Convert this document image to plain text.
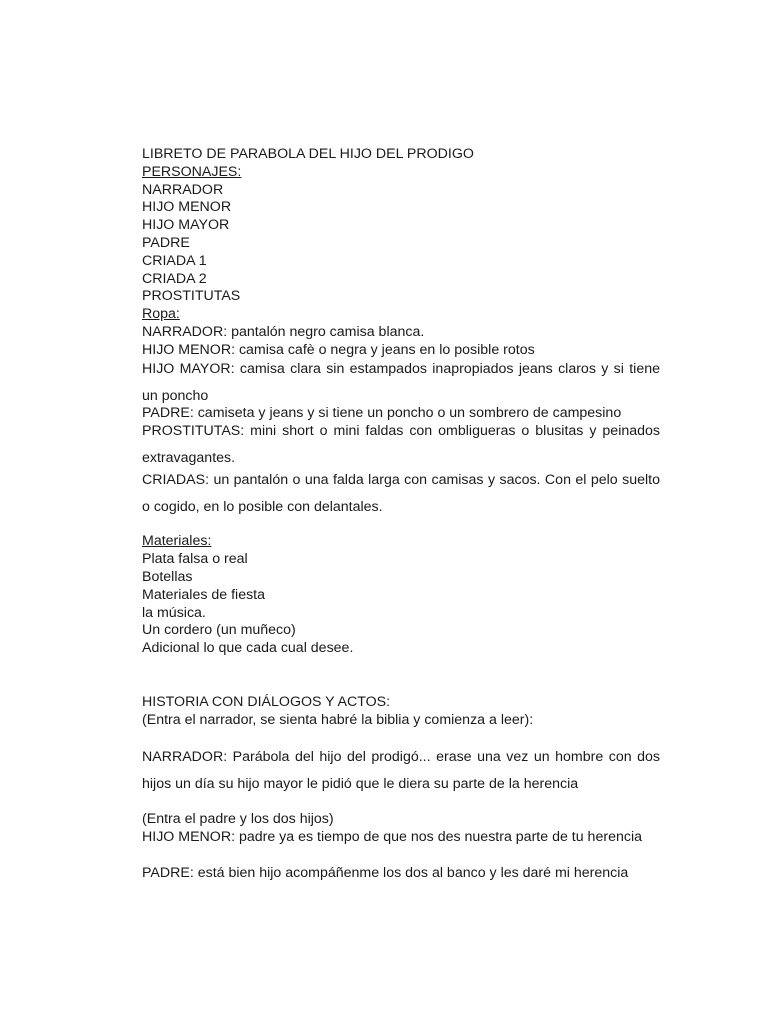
LIBRETO DE PARABOLA DEL HIJO DEL PRODIGO
PERSONAJES:
NARRADOR
HIJO MENOR
HIJO MAYOR
PADRE
CRIADA 1
CRIADA 2
PROSTITUTAS
Ropa:
NARRADOR: pantalón negro camisa blanca.
HIJO MENOR: camisa cafè o negra y jeans en lo posible rotos
HIJO MAYOR: camisa clara sin estampados inapropiados jeans claros y si tiene un poncho
PADRE: camiseta y jeans y si tiene un poncho o un sombrero de campesino
PROSTITUTAS: mini short o mini faldas con ombligueras o blusitas y peinados extravagantes.
CRIADAS: un pantalón o una falda larga con camisas y sacos. Con el pelo suelto o cogido, en lo posible con delantales.
Materiales:
Plata falsa o real
Botellas
Materiales de fiesta
la música.
Un cordero (un muñeco)
Adicional lo que cada cual desee.
HISTORIA CON DIÁLOGOS Y ACTOS:
(Entra el narrador, se sienta habré la biblia y comienza a leer):
NARRADOR: Parábola del hijo del prodigó... erase una vez un hombre con dos hijos un día su hijo mayor le pidió que le diera su parte de la herencia
(Entra el padre y los dos hijos)
HIJO MENOR: padre ya es tiempo de que nos des nuestra parte de tu herencia
PADRE: está bien hijo acompáñenme los dos al banco y les daré mi herencia
